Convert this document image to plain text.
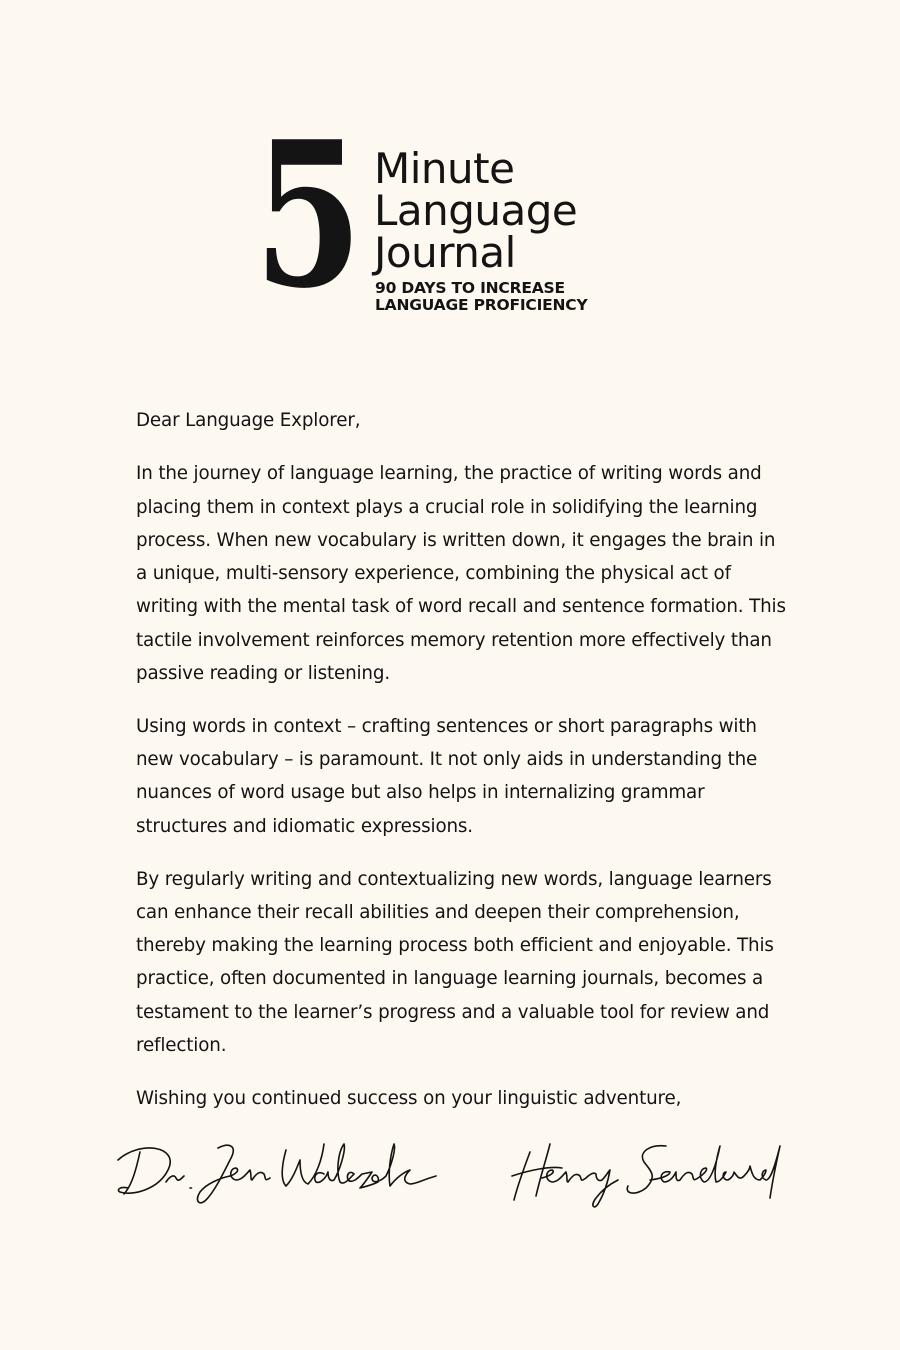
5 Minute
Language
Journal
90 DAYS TO INCREASE
LANGUAGE PROFICIENCY

Dear Language Explorer,

In the journey of language learning, the practice of writing words and placing them in context plays a crucial role in solidifying the learning process. When new vocabulary is written down, it engages the brain in a unique, multi-sensory experience, combining the physical act of writing with the mental task of word recall and sentence formation. This tactile involvement reinforces memory retention more effectively than passive reading or listening.

Using words in context – crafting sentences or short paragraphs with new vocabulary – is paramount. It not only aids in understanding the nuances of word usage but also helps in internalizing grammar structures and idiomatic expressions.

By regularly writing and contextualizing new words, language learners can enhance their recall abilities and deepen their comprehension, thereby making the learning process both efficient and enjoyable. This practice, often documented in language learning journals, becomes a testament to the learner’s progress and a valuable tool for review and reflection.

Wishing you continued success on your linguistic adventure,
